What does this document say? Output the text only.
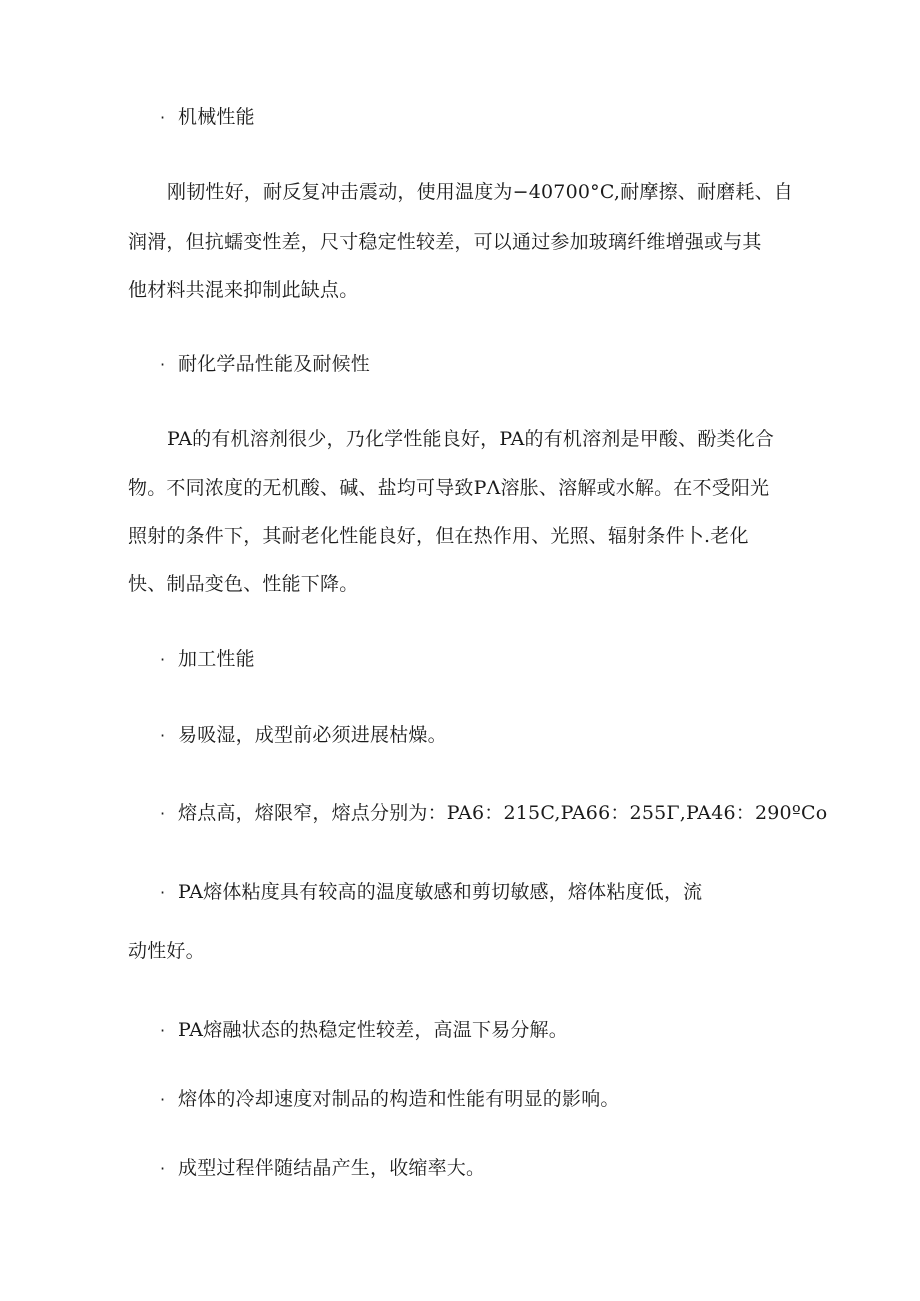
· 机械性能
刚韧性好，耐反复冲击震动，使用温度为−40700°C,耐摩擦、耐磨耗、自
润滑，但抗蠕变性差，尺寸稳定性较差，可以通过参加玻璃纤维增强或与其
他材料共混来抑制此缺点。
· 耐化学品性能及耐候性
PA的有机溶剂很少，乃化学性能良好，PA的有机溶剂是甲酸、酚类化合
物。不同浓度的无机酸、碱、盐均可导致PΛ溶胀、溶解或水解。在不受阳光
照射的条件下，其耐老化性能良好，但在热作用、光照、辐射条件卜.老化
快、制品变色、性能下降。
· 加工性能
· 易吸湿，成型前必须进展枯燥。
· 熔点高，熔限窄，熔点分别为：PA6：215C,PA66：255Γ,PA46：290ºCo
· PA熔体粘度具有较高的温度敏感和剪切敏感，熔体粘度低，流
动性好。
· PA熔融状态的热稳定性较差，高温下易分解。
· 熔体的冷却速度对制品的构造和性能有明显的影响。
· 成型过程伴随结晶产生，收缩率大。
